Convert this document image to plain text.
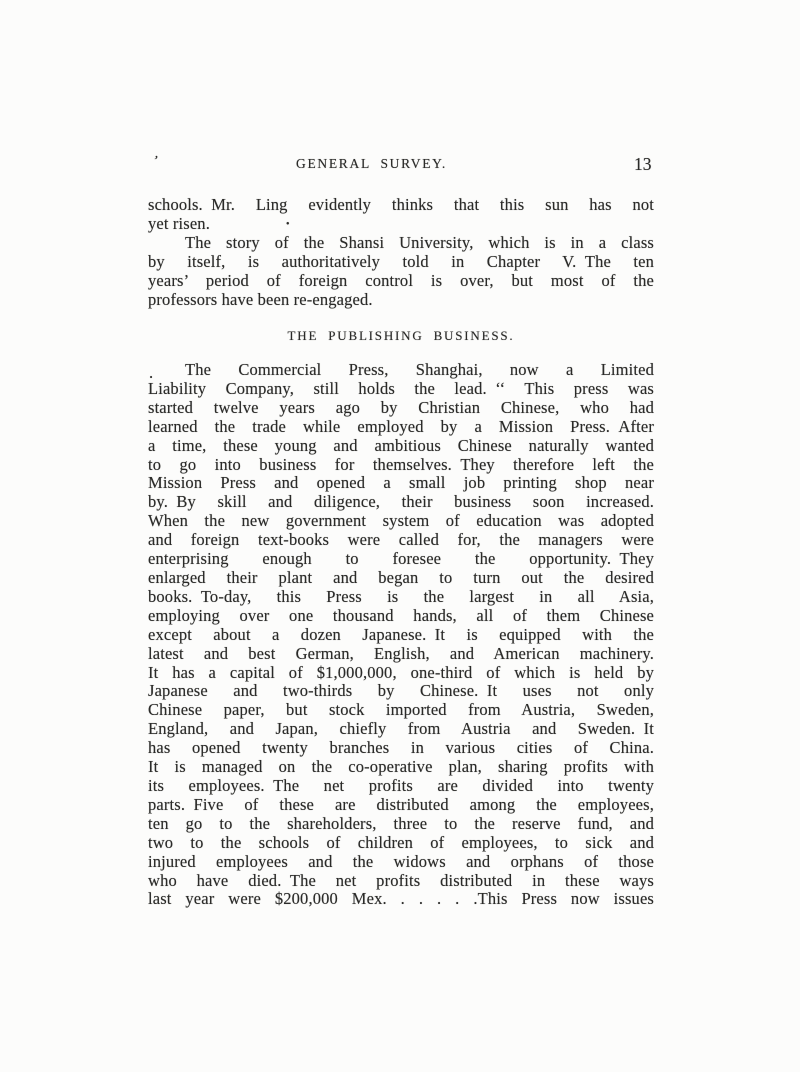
’	GENERAL SURVEY.	13
schools. Mr. Ling evidently thinks that this sun has not
yet risen.
The story of the Shansi University, which is in a class
by itself, is authoritatively told in Chapter V. The ten
years’ period of foreign control is over, but most of the
professors have been re-engaged.
THE PUBLISHING BUSINESS.
The Commercial Press, Shanghai, now a Limited
Liability Company, still holds the lead. ‘‘ This press was
started twelve years ago by Christian Chinese, who had
learned the trade while employed by a Mission Press. After
a time, these young and ambitious Chinese naturally wanted
to go into business for themselves. They therefore left the
Mission Press and opened a small job printing shop near
by. By skill and diligence, their business soon increased.
When the new government system of education was adopted
and foreign text-books were called for, the managers were
enterprising enough to foresee the opportunity. They
enlarged their plant and began to turn out the desired
books. To-day, this Press is the largest in all Asia,
employing over one thousand hands, all of them Chinese
except about a dozen Japanese. It is equipped with the
latest and best German, English, and American machinery.
It has a capital of $1,000,000, one-third of which is held by
Japanese and two-thirds by Chinese. It uses not only
Chinese paper, but stock imported from Austria, Sweden,
England, and Japan, chiefly from Austria and Sweden. It
has opened twenty branches in various cities of China.
It is managed on the co-operative plan, sharing profits with
its employees. The net profits are divided into twenty
parts. Five of these are distributed among the employees,
ten go to the shareholders, three to the reserve fund, and
two to the schools of children of employees, to sick and
injured employees and the widows and orphans of those
who have died. The net profits distributed in these ways
last year were $200,000 Mex. . . . . .This Press now issues
•
.
